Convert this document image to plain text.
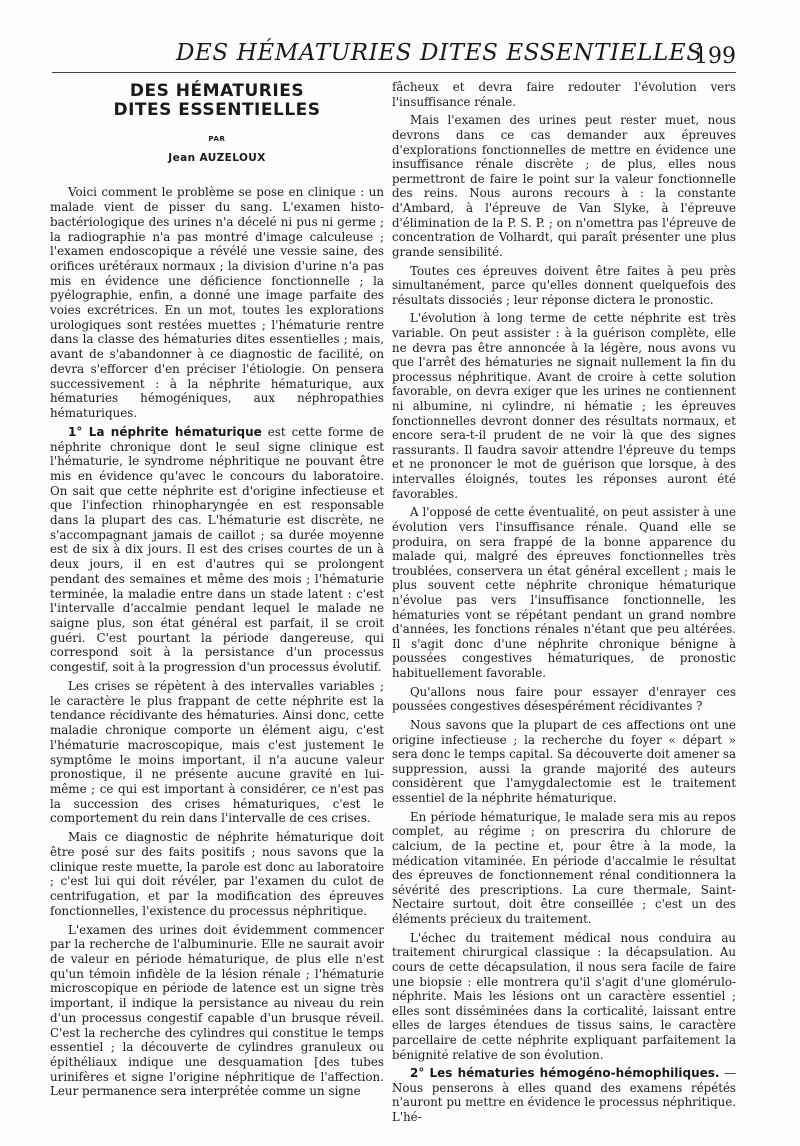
DES HÉMATURIES DITES ESSENTIELLES
199
DES HÉMATURIES
DITES ESSENTIELLES
PAR
Jean AUZELOUX

Voici comment le problème se pose en clinique : un malade vient de pisser du sang. L'examen histo-bactériologique des urines n'a décelé ni pus ni germe ; la radiographie n'a pas montré d'image calculeuse ; l'examen endoscopique a révélé une vessie saine, des orifices urétéraux normaux ; la division d'urine n'a pas mis en évidence une déficience fonctionnelle ; la pyélographie, enfin, a donné une image parfaite des voies excrétrices. En un mot, toutes les explorations urologiques sont restées muettes ; l'hématurie rentre dans la classe des hématuries dites essentielles ; mais, avant de s'abandonner à ce diagnostic de facilité, on devra s'efforcer d'en préciser l'étiologie. On pensera successivement : à la néphrite hématurique, aux hématuries hémogéniques, aux néphropathies hématuriques.

1° La néphrite hématurique est cette forme de néphrite chronique dont le seul signe clinique est l'hématurie, le syndrome néphritique ne pouvant être mis en évidence qu'avec le concours du laboratoire. On sait que cette néphrite est d'origine infectieuse et que l'infection rhinopharyngée en est responsable dans la plupart des cas. L'hématurie est discrète, ne s'accompagnant jamais de caillot ; sa durée moyenne est de six à dix jours. Il est des crises courtes de un à deux jours, il en est d'autres qui se prolongent pendant des semaines et même des mois ; l'hématurie terminée, la maladie entre dans un stade latent : c'est l'intervalle d'accalmie pendant lequel le malade ne saigne plus, son état général est parfait, il se croit guéri. C'est pourtant la période dangereuse, qui correspond soit à la persistance d'un processus congestif, soit à la progression d'un processus évolutif.

Les crises se répètent à des intervalles variables ; le caractère le plus frappant de cette néphrite est la tendance récidivante des hématuries. Ainsi donc, cette maladie chronique comporte un élément aigu, c'est l'hématurie macroscopique, mais c'est justement le symptôme le moins important, il n'a aucune valeur pronostique, il ne présente aucune gravité en lui-même ; ce qui est important à considérer, ce n'est pas la succession des crises hématuriques, c'est le comportement du rein dans l'intervalle de ces crises.

Mais ce diagnostic de néphrite hématurique doit être posé sur des faits positifs ; nous savons que la clinique reste muette, la parole est donc au laboratoire ; c'est lui qui doit révéler, par l'examen du culot de centrifugation, et par la modification des épreuves fonctionnelles, l'existence du processus néphritique.

L'examen des urines doit évidemment commencer par la recherche de l'albuminurie. Elle ne saurait avoir de valeur en période hématurique, de plus elle n'est qu'un témoin infidèle de la lésion rénale ; l'hématurie microscopique en période de latence est un signe très important, il indique la persistance au niveau du rein d'un processus congestif capable d'un brusque réveil. C'est la recherche des cylindres qui constitue le temps essentiel ; la découverte de cylindres granuleux ou épithéliaux indique une desquamation [des tubes urinifères et signe l'origine néphritique de l'affection. Leur permanence sera interprétée comme un signe

fâcheux et devra faire redouter l'évolution vers l'insuffisance rénale.

Mais l'examen des urines peut rester muet, nous devrons dans ce cas demander aux épreuves d'explorations fonctionnelles de mettre en évidence une insuffisance rénale discrète ; de plus, elles nous permettront de faire le point sur la valeur fonctionnelle des reins. Nous aurons recours à : la constante d'Ambard, à l'épreuve de Van Slyke, à l'épreuve d'élimination de la P. S. P. ; on n'omettra pas l'épreuve de concentration de Volhardt, qui paraît présenter une plus grande sensibilité.

Toutes ces épreuves doivent être faites à peu près simultanément, parce qu'elles donnent quelquefois des résultats dissociés ; leur réponse dictera le pronostic.

L'évolution à long terme de cette néphrite est très variable. On peut assister : à la guérison complète, elle ne devra pas être annoncée à la légère, nous avons vu que l'arrêt des hématuries ne signait nullement la fin du processus néphritique. Avant de croire à cette solution favorable, on devra exiger que les urines ne contiennent ni albumine, ni cylindre, ni hématie ; les épreuves fonctionnelles devront donner des résultats normaux, et encore sera-t-il prudent de ne voir là que des signes rassurants. Il faudra savoir attendre l'épreuve du temps et ne prononcer le mot de guérison que lorsque, à des intervalles éloignés, toutes les réponses auront été favorables.

A l'opposé de cette éventualité, on peut assister à une évolution vers l'insuffisance rénale. Quand elle se produira, on sera frappé de la bonne apparence du malade qui, malgré des épreuves fonctionnelles très troublées, conservera un état général excellent ; mais le plus souvent cette néphrite chronique hématurique n'évolue pas vers l'insuffisance fonctionnelle, les hématuries vont se répétant pendant un grand nombre d'années, les fonctions rénales n'étant que peu altérées. Il s'agit donc d'une néphrite chronique bénigne à poussées congestives hématuriques, de pronostic habituellement favorable.

Qu'allons nous faire pour essayer d'enrayer ces poussées congestives désespérément récidivantes ?

Nous savons que la plupart de ces affections ont une origine infectieuse ; la recherche du foyer « départ » sera donc le temps capital. Sa découverte doit amener sa suppression, aussi la grande majorité des auteurs considèrent que l'amygdalectomie est le traitement essentiel de la néphrite hématurique.

En période hématurique, le malade sera mis au repos complet, au régime ; on prescrira du chlorure de calcium, de la pectine et, pour être à la mode, la médication vitaminée. En période d'accalmie le résultat des épreuves de fonctionnement rénal conditionnera la sévérité des prescriptions. La cure thermale, Saint-Nectaire surtout, doit être conseillée ; c'est un des éléments précieux du traitement.

L'échec du traitement médical nous conduira au traitement chirurgical classique : la décapsulation. Au cours de cette décapsulation, il nous sera facile de faire une biopsie : elle montrera qu'il s'agit d'une glomérulo-néphrite. Mais les lésions ont un caractère essentiel ; elles sont disséminées dans la corticalité, laissant entre elles de larges étendues de tissus sains, le caractère parcellaire de cette néphrite expliquant parfaitement la bénignité relative de son évolution.

2° Les hématuries hémogéno-hémophiliques. — Nous penserons à elles quand des examens répétés n'auront pu mettre en évidence le processus néphritique. L'hé-
